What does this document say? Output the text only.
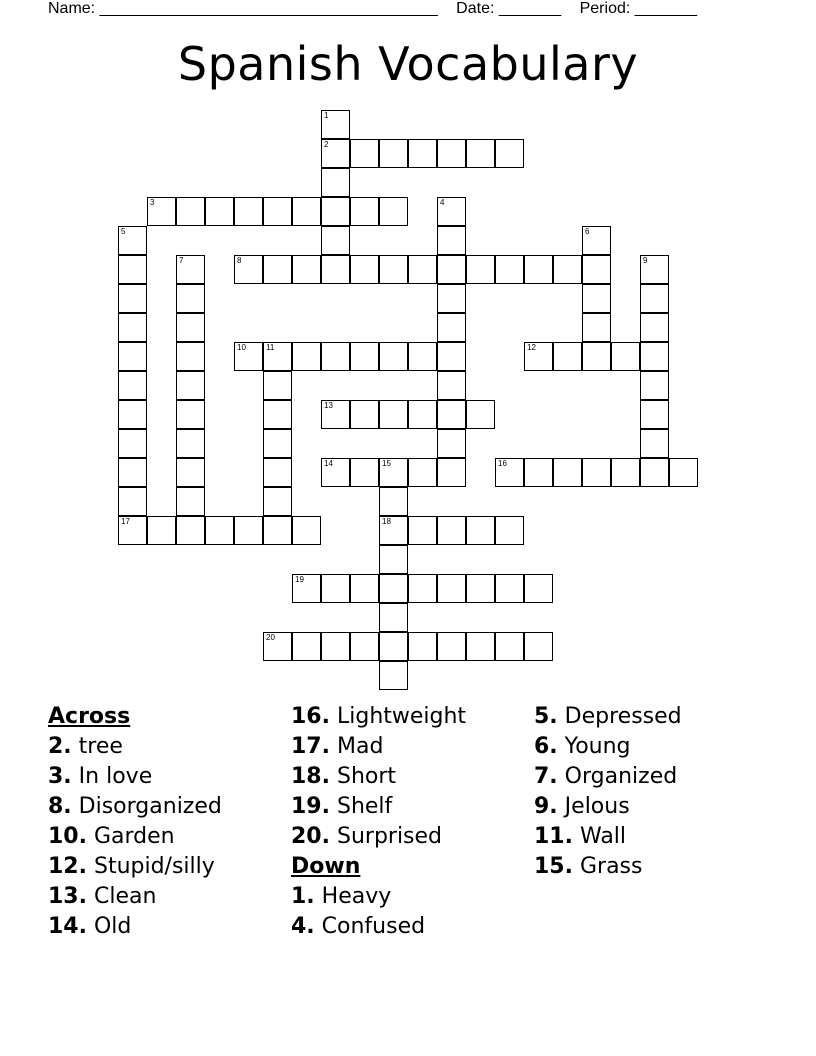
Name: ______________________________________ Date: _______ Period: _______
Spanish Vocabulary
1
2
3	4
5	6
7	8	9
10	11	12
13
14	15
18
16
17
19
20
Across
2. tree
3. In love
8. Disorganized
10. Garden
12. Stupid/silly
13. Clean
14. Old
16. Lightweight
17. Mad
18. Short
19. Shelf
20. Surprised
Down
1. Heavy
4. Confused
5. Depressed
6. Young
7. Organized
9. Jelous
11. Wall
15. Grass
